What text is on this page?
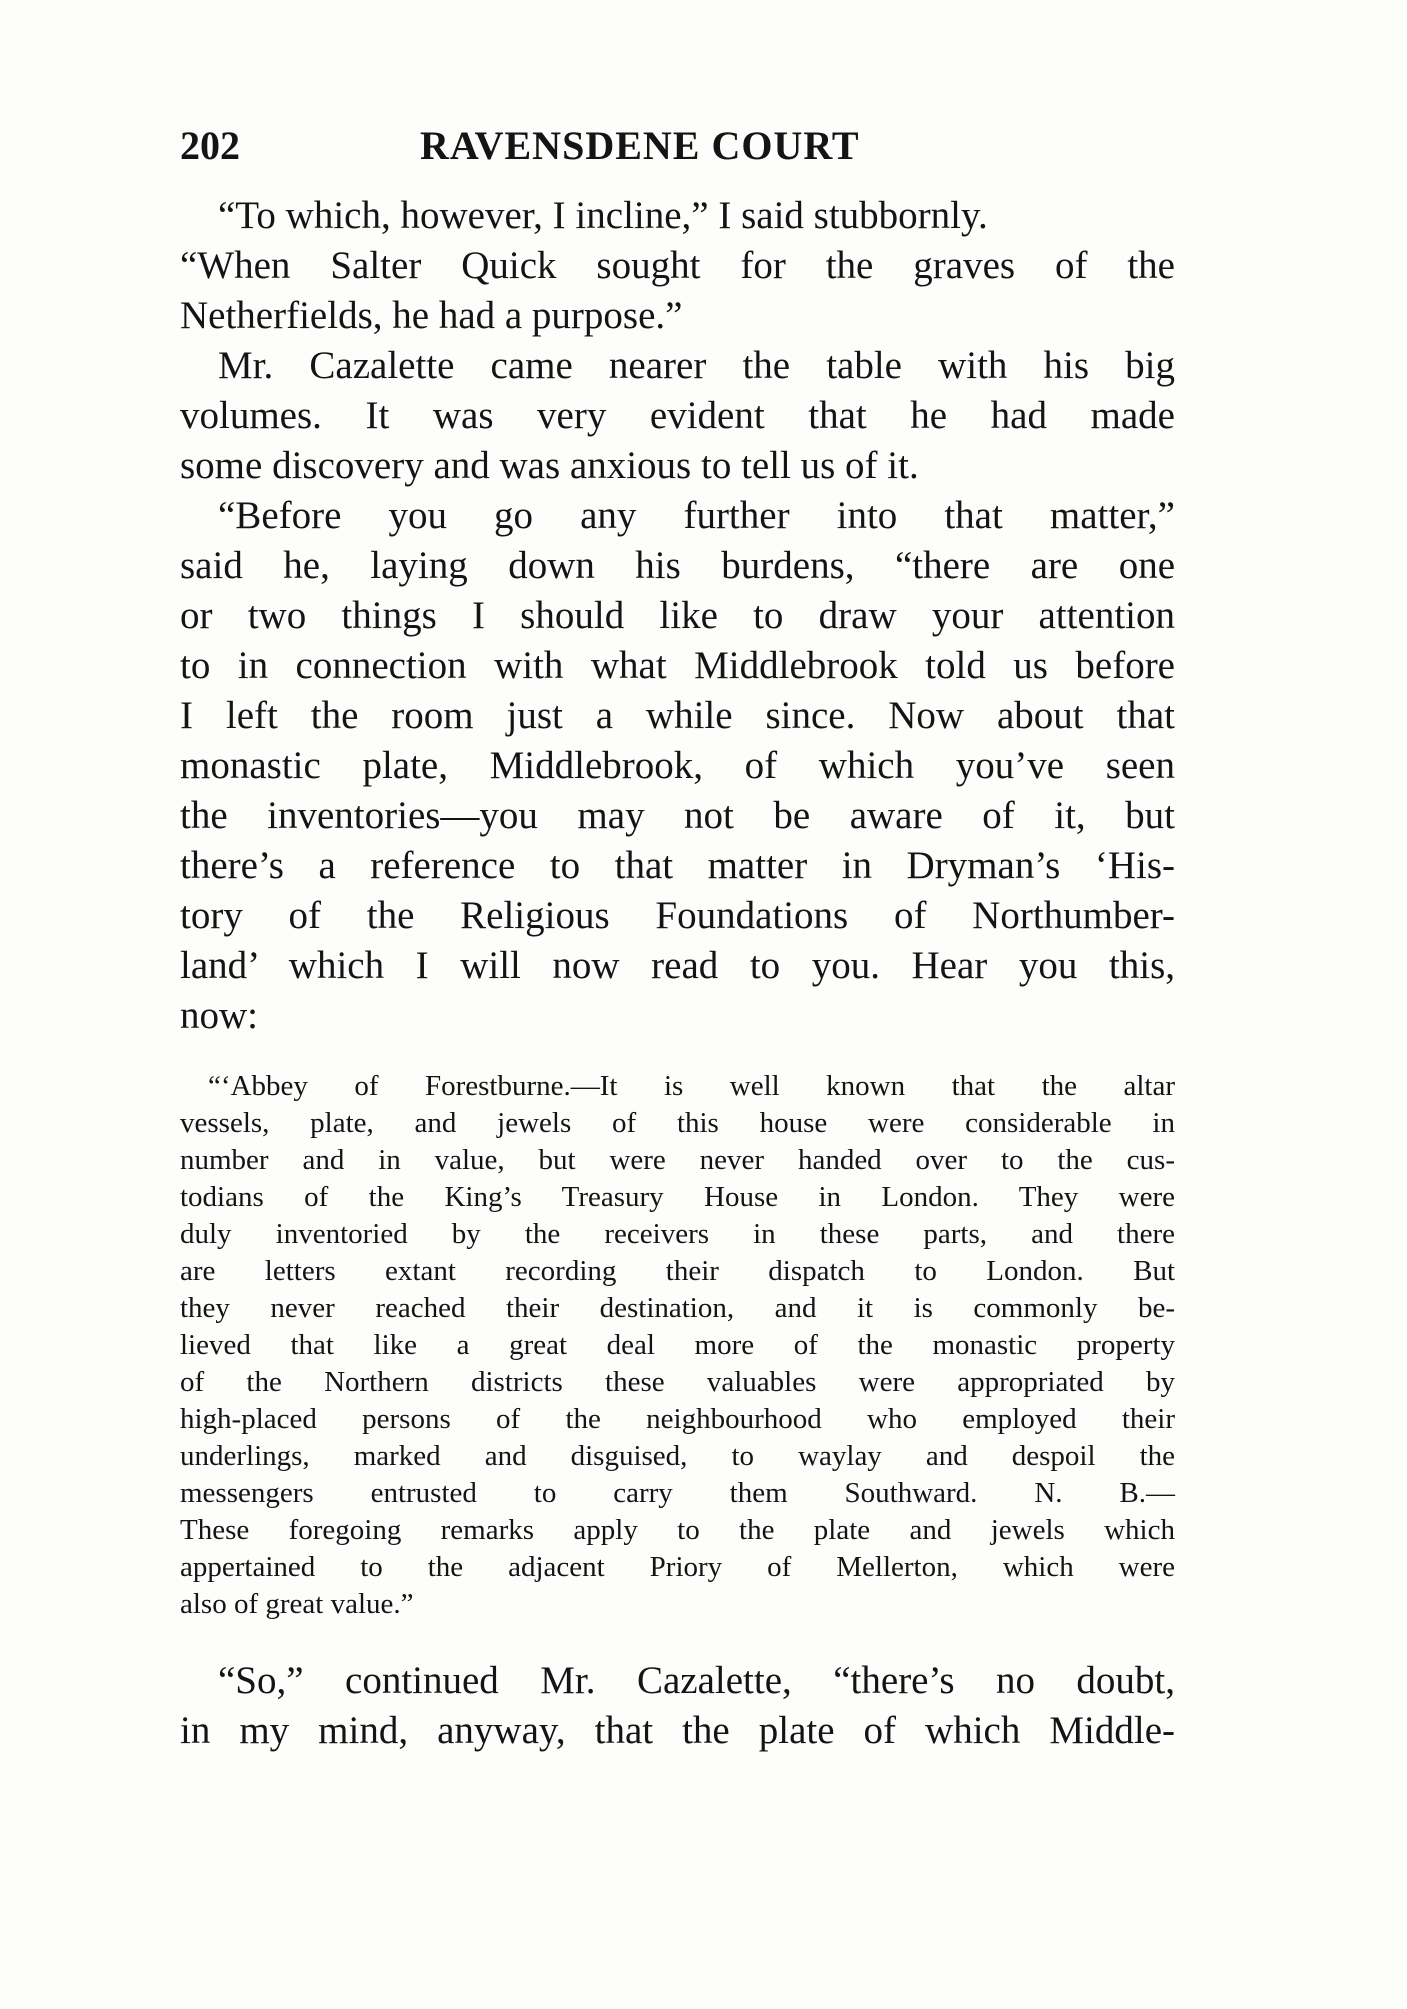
202	RAVENSDENE COURT
“To which, however, I incline,” I said stubbornly.
“When Salter Quick sought for the graves of the
Netherfields, he had a purpose.”
Mr. Cazalette came nearer the table with his big
volumes. It was very evident that he had made
some discovery and was anxious to tell us of it.
“Before you go any further into that matter,”
said he, laying down his burdens, “there are one
or two things I should like to draw your attention
to in connection with what Middlebrook told us before
I left the room just a while since. Now about that
monastic plate, Middlebrook, of which you’ve seen
the inventories—you may not be aware of it, but
there’s a reference to that matter in Dryman’s ‘His-
tory of the Religious Foundations of Northumber-
land’ which I will now read to you. Hear you this,
now:
“‘Abbey of Forestburne.—It is well known that the altar
vessels, plate, and jewels of this house were considerable in
number and in value, but were never handed over to the cus-
todians of the King’s Treasury House in London. They were
duly inventoried by the receivers in these parts, and there
are letters extant recording their dispatch to London. But
they never reached their destination, and it is commonly be-
lieved that like a great deal more of the monastic property
of the Northern districts these valuables were appropriated by
high-placed persons of the neighbourhood who employed their
underlings, marked and disguised, to waylay and despoil the
messengers entrusted to carry them Southward. N. B.—
These foregoing remarks apply to the plate and jewels which
appertained to the adjacent Priory of Mellerton, which were
also of great value.”
“So,” continued Mr. Cazalette, “there’s no doubt,
in my mind, anyway, that the plate of which Middle-
